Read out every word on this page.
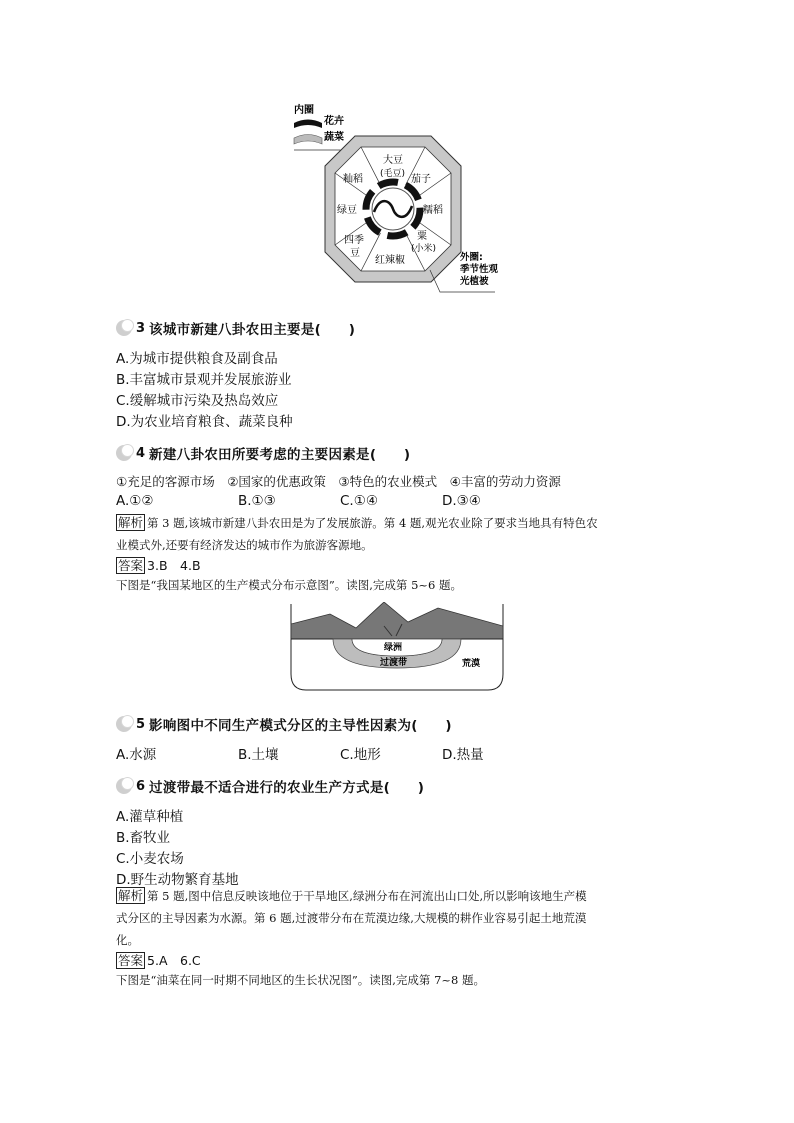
内圈
花卉
蔬菜
大豆
(毛豆) 茄子
糯稻
粟
(小米)
红辣椒
四季
豆
绿豆
籼稻
外圈:
季节性观
光植被
3 该城市新建八卦农田主要是(　　)
A.为城市提供粮食及副食品
B.丰富城市景观并发展旅游业
C.缓解城市污染及热岛效应
D.为农业培育粮食、蔬菜良种
4 新建八卦农田所要考虑的主要因素是(　　)
①充足的客源市场　②国家的优惠政策　③特色的农业模式　④丰富的劳动力资源
A.①②	B.①③	C.①④	D.③④
解析 第 3 题,该城市新建八卦农田是为了发展旅游。第 4 题,观光农业除了要求当地具有特色农
业模式外,还要有经济发达的城市作为旅游客源地。
答案 3.B　4.B
下图是“我国某地区的生产模式分布示意图”。读图,完成第 5~6 题。
绿洲
过渡带	荒漠
5 影响图中不同生产模式分区的主导性因素为(　　)
A.水源	B.土壤	C.地形	D.热量
6 过渡带最不适合进行的农业生产方式是(　　)
A.灌草种植
B.畜牧业
C.小麦农场
D.野生动物繁育基地
解析 第 5 题,图中信息反映该地位于干旱地区,绿洲分布在河流出山口处,所以影响该地生产模
式分区的主导因素为水源。第 6 题,过渡带分布在荒漠边缘,大规模的耕作业容易引起土地荒漠
化。
答案 5.A　6.C
下图是“油菜在同一时期不同地区的生长状况图”。读图,完成第 7~8 题。
